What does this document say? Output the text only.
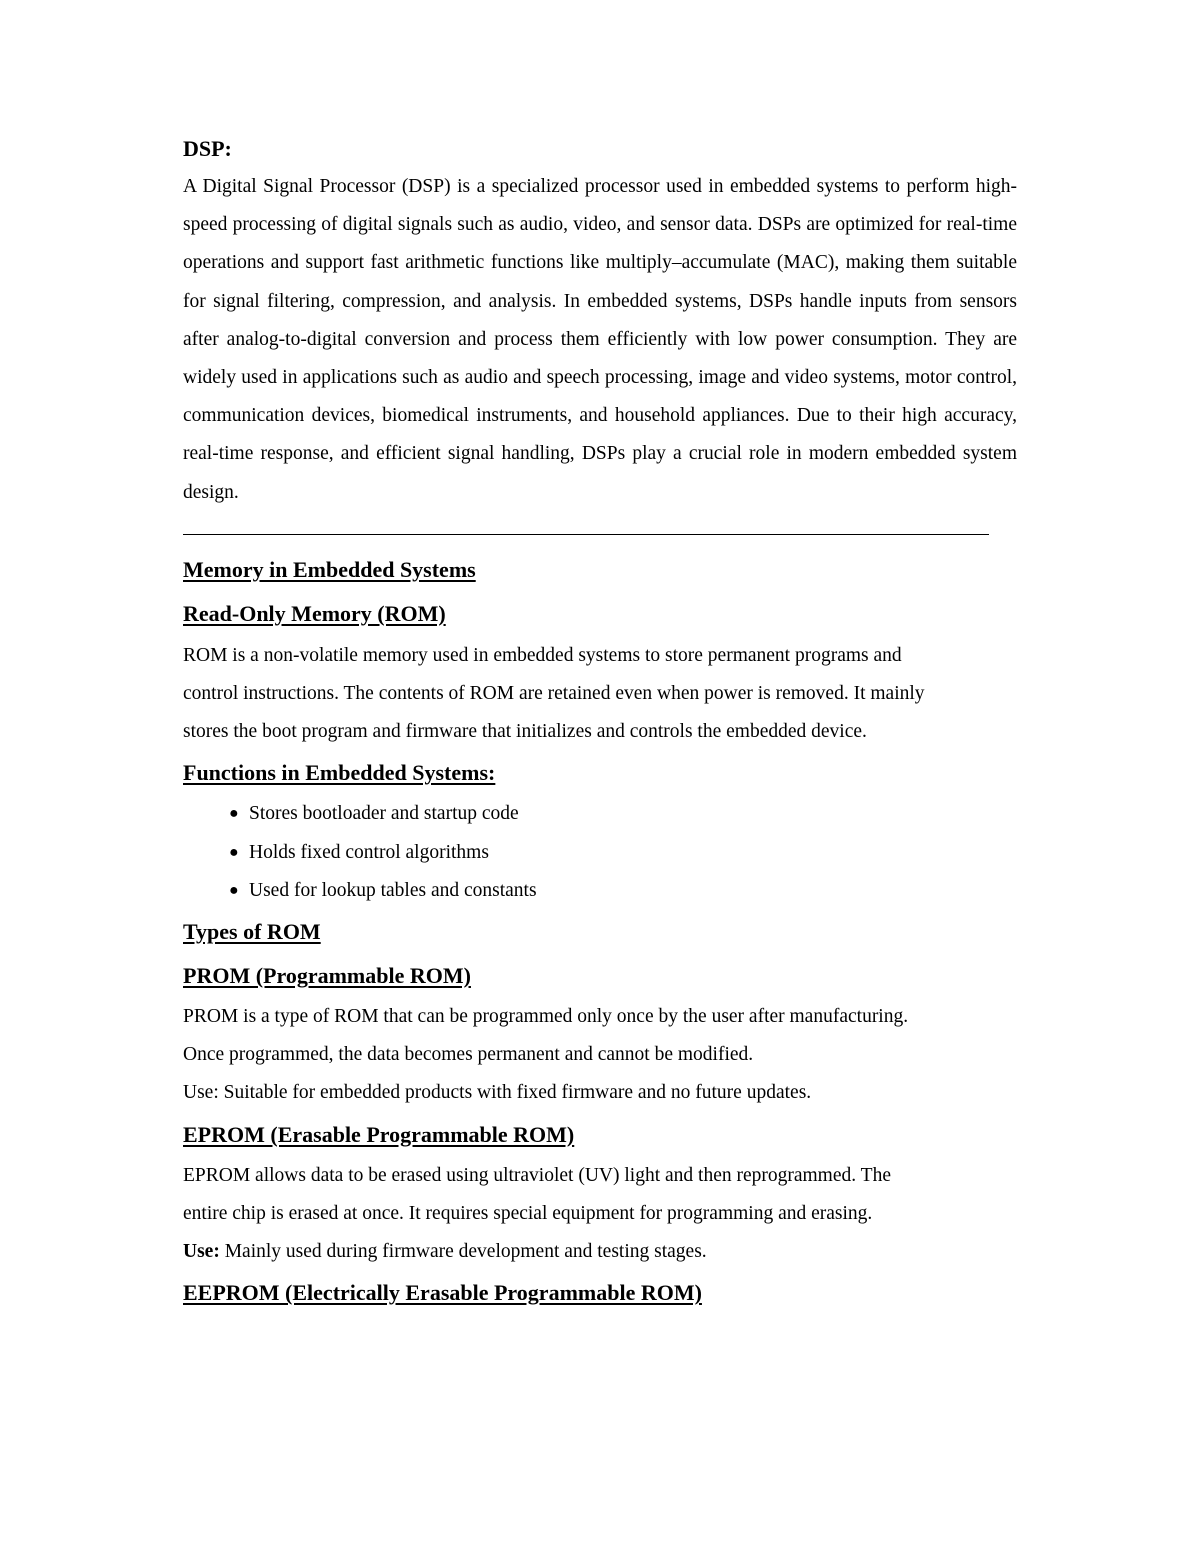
DSP:

A Digital Signal Processor (DSP) is a specialized processor used in embedded systems to perform high-speed processing of digital signals such as audio, video, and sensor data. DSPs are optimized for real-time operations and support fast arithmetic functions like multiply–accumulate (MAC), making them suitable for signal filtering, compression, and analysis. In embedded systems, DSPs handle inputs from sensors after analog-to-digital conversion and process them efficiently with low power consumption. They are widely used in applications such as audio and speech processing, image and video systems, motor control, communication devices, biomedical instruments, and household appliances. Due to their high accuracy, real-time response, and efficient signal handling, DSPs play a crucial role in modern embedded system design.

Memory in Embedded Systems
Read-Only Memory (ROM)

ROM is a non-volatile memory used in embedded systems to store permanent programs and

control instructions. The contents of ROM are retained even when power is removed. It mainly

stores the boot program and firmware that initializes and controls the embedded device.

Functions in Embedded Systems:
● Stores bootloader and startup code
● Holds fixed control algorithms
● Used for lookup tables and constants
Types of ROM
PROM (Programmable ROM)

PROM is a type of ROM that can be programmed only once by the user after manufacturing.

Once programmed, the data becomes permanent and cannot be modified.

Use: Suitable for embedded products with fixed firmware and no future updates.

EPROM (Erasable Programmable ROM)

EPROM allows data to be erased using ultraviolet (UV) light and then reprogrammed. The

entire chip is erased at once. It requires special equipment for programming and erasing.

Use: Mainly used during firmware development and testing stages.

EEPROM (Electrically Erasable Programmable ROM)
